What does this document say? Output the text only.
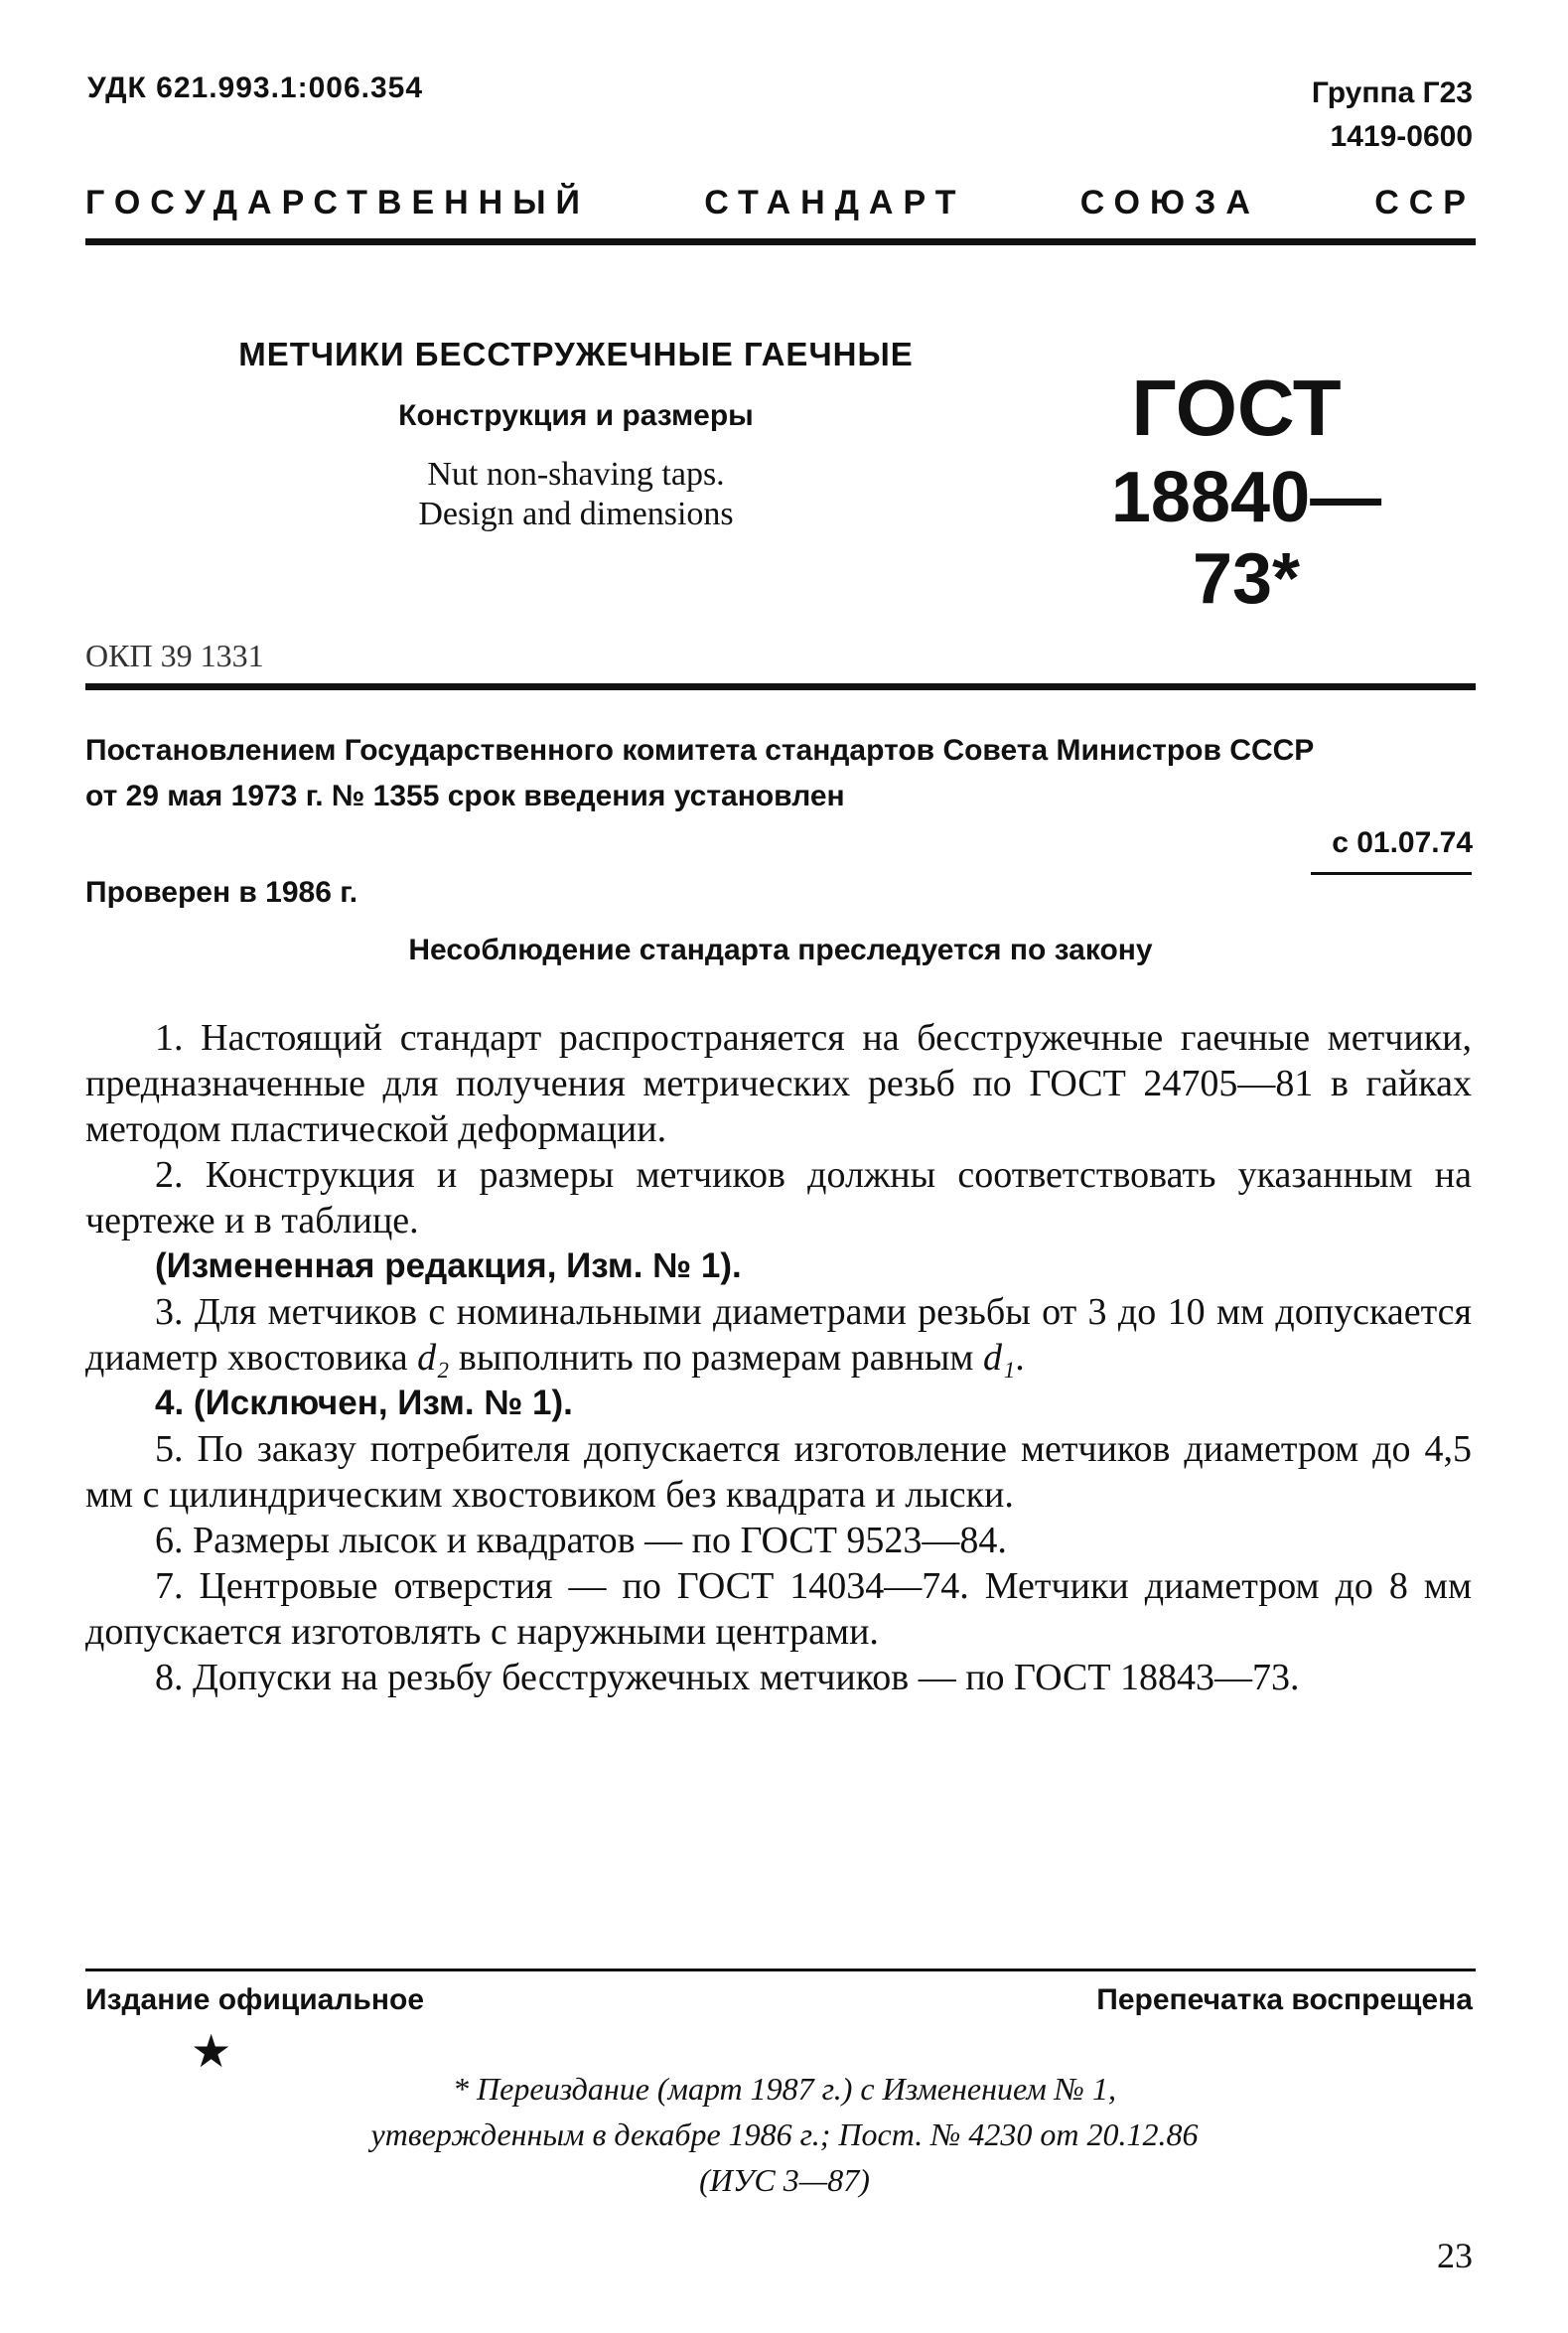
УДК 621.993.1:006.354	Группа Г23
1419-0600
ГОСУДАРСТВЕННЫЙ	СТАНДАРТ	СОЮЗА	ССР
МЕТЧИКИ БЕССТРУЖЕЧНЫЕ ГАЕЧНЫЕ
Конструкция и размеры
Nut non-shaving taps.
Design and dimensions
ГОСТ
18840—73*
ОКП 39 1331
Постановлением Государственного комитета стандартов Совета Министров СССР
от 29 мая 1973 г. № 1355 срок введения установлен
с 01.07.74
Проверен в 1986 г.
Несоблюдение стандарта преследуется по закону

1. Настоящий стандарт распространяется на бесстружечные гаечные метчики, предназначенные для получения метрических резьб по ГОСТ 24705—81 в гайках методом пластической деформации.

2. Конструкция и размеры метчиков должны соответствовать указанным на чертеже и в таблице.

(Измененная редакция, Изм. № 1).

3. Для метчиков с номинальными диаметрами резьбы от 3 до 10 мм допускается диаметр хвостовика d₂ выполнить по размерам равным d₁.

4. (Исключен, Изм. № 1).

5. По заказу потребителя допускается изготовление метчиков диаметром до 4,5 мм с цилиндрическим хвостовиком без квадрата и лыски.

6. Размеры лысок и квадратов — по ГОСТ 9523—84.

7. Центровые отверстия — по ГОСТ 14034—74. Метчики диаметром до 8 мм допускается изготовлять с наружными центрами.

8. Допуски на резьбу бесстружечных метчиков — по ГОСТ 18843—73.

Издание официальное	Перепечатка воспрещена
★
* Переиздание (март 1987 г.) с Изменением № 1,
утвержденным в декабре 1986 г.; Пост. № 4230 от 20.12.86
(ИУС 3—87)
23
